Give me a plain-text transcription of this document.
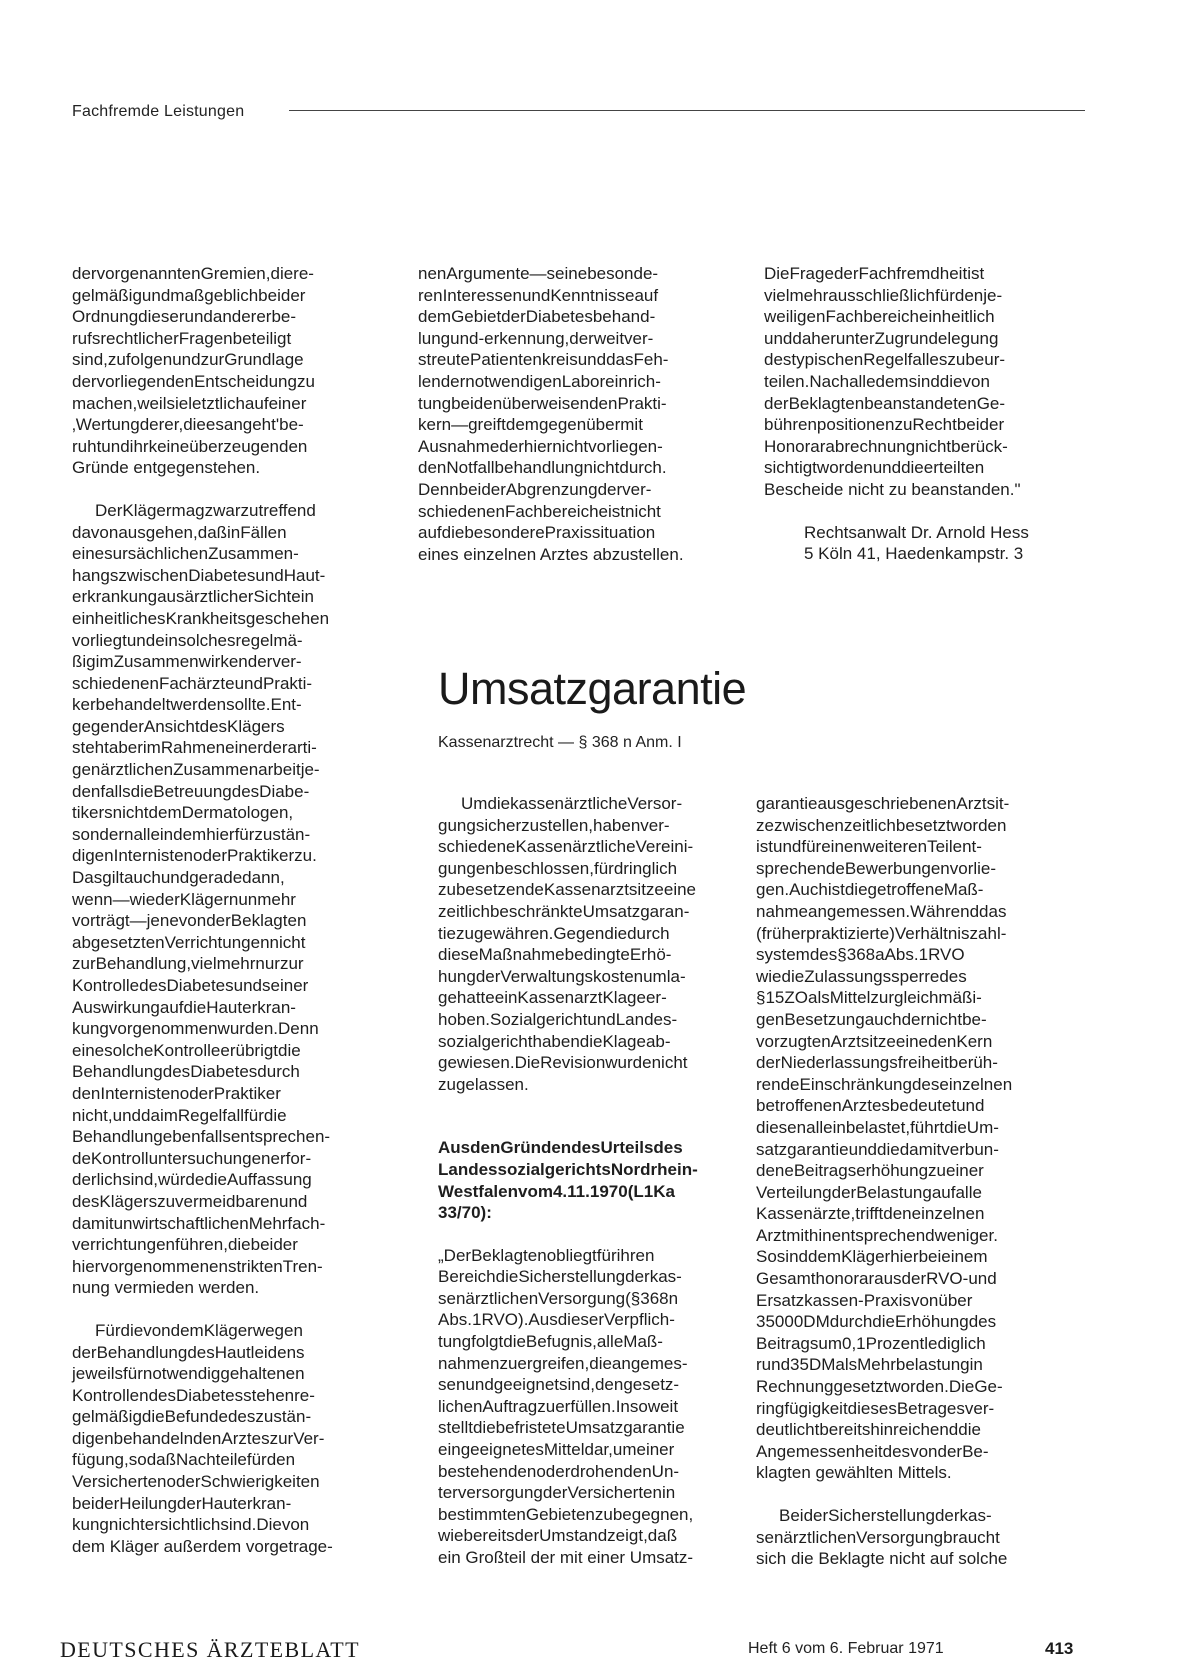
Fachfremde Leistungen
dervorgenanntenGremien,diere-
gelmäßigundmaßgeblichbeider
Ordnungdieserundandererbe-
rufsrechtlicherFragenbeteiligt
sind,zufolgenundzurGrundlage
dervorliegendenEntscheidungzu
machen,weilsieletztlichaufeiner
‚Wertungderer,dieesangeht'be-
ruhtundihrkeineüberzeugenden
Gründe entgegenstehen.
DerKlägermagzwarzutreffend
davonausgehen,daßinFällen
einesursächlichenZusammen-
hangszwischenDiabetesundHaut-
erkrankungausärztlicherSichtein
einheitlichesKrankheitsgeschehen
vorliegtundeinsolchesregelmä-
ßigimZusammenwirkenderver-
schiedenenFachärzteundPrakti-
kerbehandeltwerdensollte.Ent-
gegenderAnsichtdesKlägers
stehtaberimRahmeneinerderarti-
genärztlichenZusammenarbeitje-
denfallsdieBetreuungdesDiabe-
tikersnichtdemDermatologen,
sondernalleindemhierfürzustän-
digenInternistenoderPraktikerzu.
Dasgiltauchundgeradedann,
wenn—wiederKlägernunmehr
vorträgt—jenevonderBeklagten
abgesetztenVerrichtungennicht
zurBehandlung,vielmehrnurzur
KontrolledesDiabetesundseiner
AuswirkungaufdieHauterkran-
kungvorgenommenwurden.Denn
einesolcheKontrolleerübrigtdie
BehandlungdesDiabetesdurch
denInternistenoderPraktiker
nicht,unddaimRegelfallfürdie
Behandlungebenfallsentsprechen-
deKontrolluntersuchungenerfor-
derlichsind,würdedieAuffassung
desKlägerszuvermeidbarenund
damitunwirtschaftlichenMehrfach-
verrichtungenführen,diebeider
hiervorgenommenenstriktenTren-
nung vermieden werden.
FürdievondemKlägerwegen
derBehandlungdesHautleidens
jeweilsfürnotwendiggehaltenen
KontrollendesDiabetesstehenre-
gelmäßigdieBefundedeszustän-
digenbehandelndenArzteszurVer-
fügung,sodaßNachteilefürden
VersichertenoderSchwierigkeiten
beiderHeilungderHauterkran-
kungnichtersichtlichsind.Dievon
dem Kläger außerdem vorgetrage-
nenArgumente—seinebesonde-
renInteressenundKenntnisseauf
demGebietderDiabetesbehand-
lungund-erkennung,derweitver-
streutePatientenkreisunddasFeh-
lendernotwendigenLaboreinrich-
tungbeidenüberweisendenPrakti-
kern—greiftdemgegenübermit
Ausnahmederhiernichtvorliegen-
denNotfallbehandlungnichtdurch.
DennbeiderAbgrenzungderver-
schiedenenFachbereicheistnicht
aufdiebesonderePraxissituation
eines einzelnen Arztes abzustellen.
DieFragederFachfremdheitist
vielmehrausschließlichfürdenje-
weiligenFachbereicheinheitlich
unddaherunterZugrundelegung
destypischenRegelfalleszubeur-
teilen.Nachalledemsinddievon
derBeklagtenbeanstandetenGe-
bührenpositionenzuRechtbeider
Honorarabrechnungnichtberück-
sichtigtwordenunddieerteilten
Bescheide nicht zu beanstanden."
Rechtsanwalt Dr. Arnold Hess
5 Köln 41, Haedenkampstr. 3
Umsatzgarantie
Kassenarztrecht — § 368 n Anm. I
UmdiekassenärztlicheVersor-
gungsicherzustellen,habenver-
schiedeneKassenärztlicheVereini-
gungenbeschlossen,fürdringlich
zubesetzendeKassenarztsitzeeine
zeitlichbeschränkteUmsatzgaran-
tiezugewähren.Gegendiedurch
dieseMaßnahmebedingteErhö-
hungderVerwaltungskostenumla-
gehatteeinKassenarztKlageer-
hoben.SozialgerichtundLandes-
sozialgerichthabendieKlageab-
gewiesen.DieRevisionwurdenicht
zugelassen.
AusdenGründendesUrteilsdes
LandessozialgerichtsNordrhein-
Westfalenvom4.11.1970(L1Ka
33/70):
„DerBeklagtenobliegtfürihren
BereichdieSicherstellungderkas-
senärztlichenVersorgung(§368n
Abs.1RVO).AusdieserVerpflich-
tungfolgtdieBefugnis,alleMaß-
nahmenzuergreifen,dieangemes-
senundgeeignetsind,dengesetz-
lichenAuftragzuerfüllen.Insoweit
stelltdiebefristeteUmsatzgarantie
eingeeignetesMitteldar,umeiner
bestehendenoderdrohendenUn-
terversorgungderVersichertenin
bestimmtenGebietenzubegegnen,
wiebereitsderUmstandzeigt,daß
ein Großteil der mit einer Umsatz-
garantieausgeschriebenenArztsit-
zezwischenzeitlichbesetztworden
istundfüreinenweiterenTeilent-
sprechendeBewerbungenvorlie-
gen.AuchistdiegetroffeneMaß-
nahmeangemessen.Währenddas
(früherpraktizierte)Verhältniszahl-
systemdes§368aAbs.1RVO
wiedieZulassungssperredes
§15ZOalsMittelzurgleichmäßi-
genBesetzungauchdernichtbe-
vorzugtenArztsitzeeinedenKern
derNiederlassungsfreiheitberüh-
rendeEinschränkungdeseinzelnen
betroffenenArztesbedeutetund
diesenalleinbelastet,führtdieUm-
satzgarantieunddiedamitverbun-
deneBeitragserhöhungzueiner
VerteilungderBelastungaufalle
Kassenärzte,trifftdeneinzelnen
Arztmithinentsprechendweniger.
SosinddemKlägerhierbeieinem
GesamthonorarausderRVO-und
Ersatzkassen-Praxisvonüber
35000DMdurchdieErhöhungdes
Beitragsum0,1Prozentlediglich
rund35DMalsMehrbelastungin
Rechnunggesetztworden.DieGe-
ringfügigkeitdiesesBetragesver-
deutlichtbereitshinreichenddie
AngemessenheitdesvonderBe-
klagten gewählten Mittels.
BeiderSicherstellungderkas-
senärztlichenVersorgungbraucht
sich die Beklagte nicht auf solche
DEUTSCHES ÄRZTEBLATT	Heft 6 vom 6. Februar 1971	413
